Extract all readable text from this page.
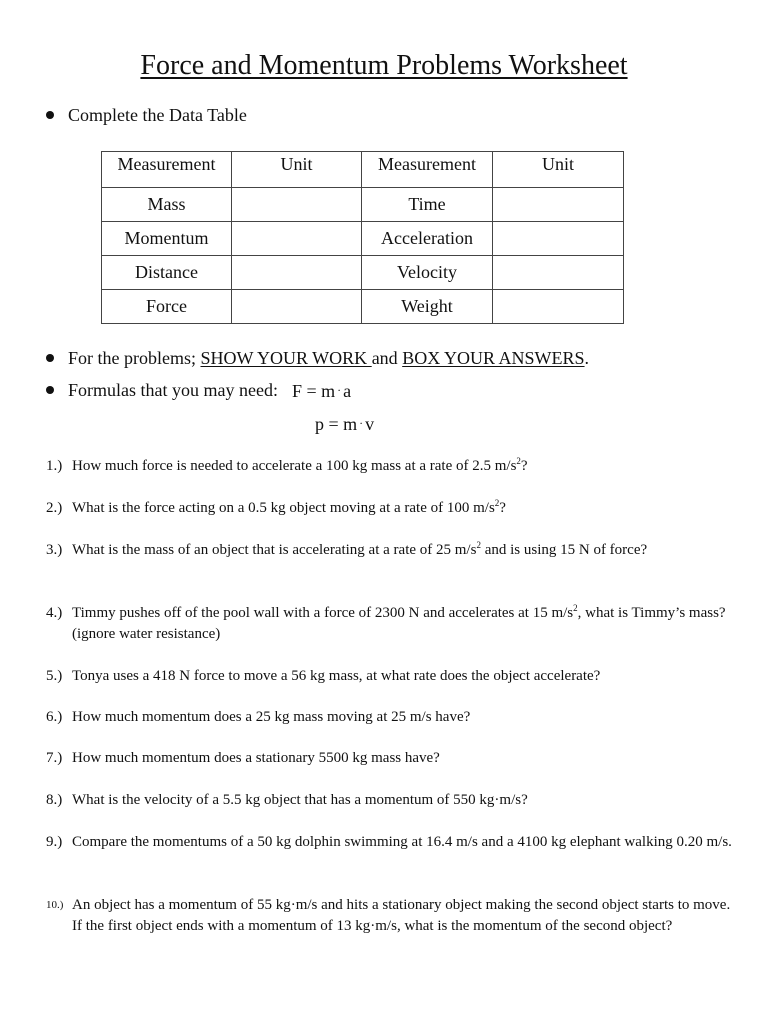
Force and Momentum Problems Worksheet
Complete the Data Table
Measurement	Unit	Measurement	Unit
Mass		Time	
Momentum		Acceleration	
Distance		Velocity	
Force		Weight	
For the problems; SHOW YOUR WORK and BOX YOUR ANSWERS.
Formulas that you may need: F = m · a
p = m · v
1.) How much force is needed to accelerate a 100 kg mass at a rate of 2.5 $m/s^2$?
2.) What is the force acting on a 0.5 kg object moving at a rate of 100 $m/s^2$?
3.) What is the mass of an object that is accelerating at a rate of 25 $m/s^2$ and is using 15 N of force?
4.) Timmy pushes off of the pool wall with a force of 2300 N and accelerates at 15 $m/s^2$, what is Timmy’s mass? (ignore water resistance)
5.) Tonya uses a 418 N force to move a 56 kg mass, at what rate does the object accelerate?
6.) How much momentum does a 25 kg mass moving at 25 m/s have?
7.) How much momentum does a stationary 5500 kg mass have?
8.) What is the velocity of a 5.5 kg object that has a momentum of 550 kg·m/s?
9.) Compare the momentums of a 50 kg dolphin swimming at 16.4 m/s and a 4100 kg elephant walking 0.20 m/s.
10.) An object has a momentum of 55 kg·m/s and hits a stationary object making the second object starts to move. If the first object ends with a momentum of 13 kg·m/s, what is the momentum of the second object?
